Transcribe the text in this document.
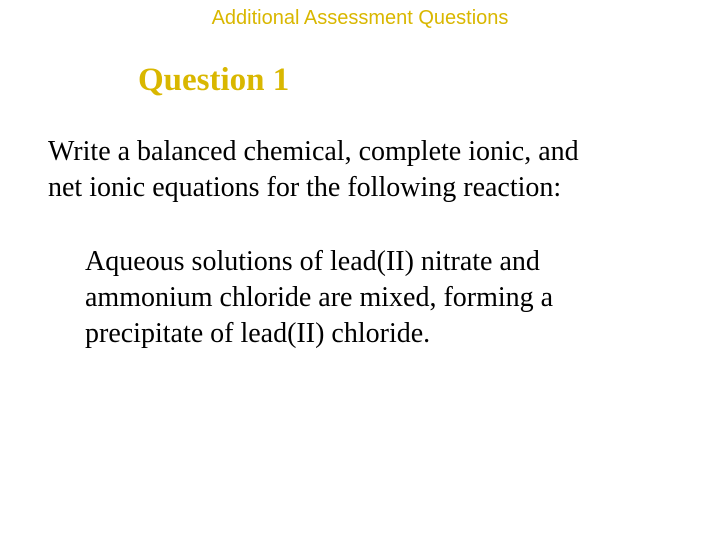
Additional Assessment Questions
Question 1
Write a balanced chemical, complete ionic, and
net ionic equations for the following reaction:
Aqueous solutions of lead(II) nitrate and
ammonium chloride are mixed, forming a
precipitate of lead(II) chloride.
